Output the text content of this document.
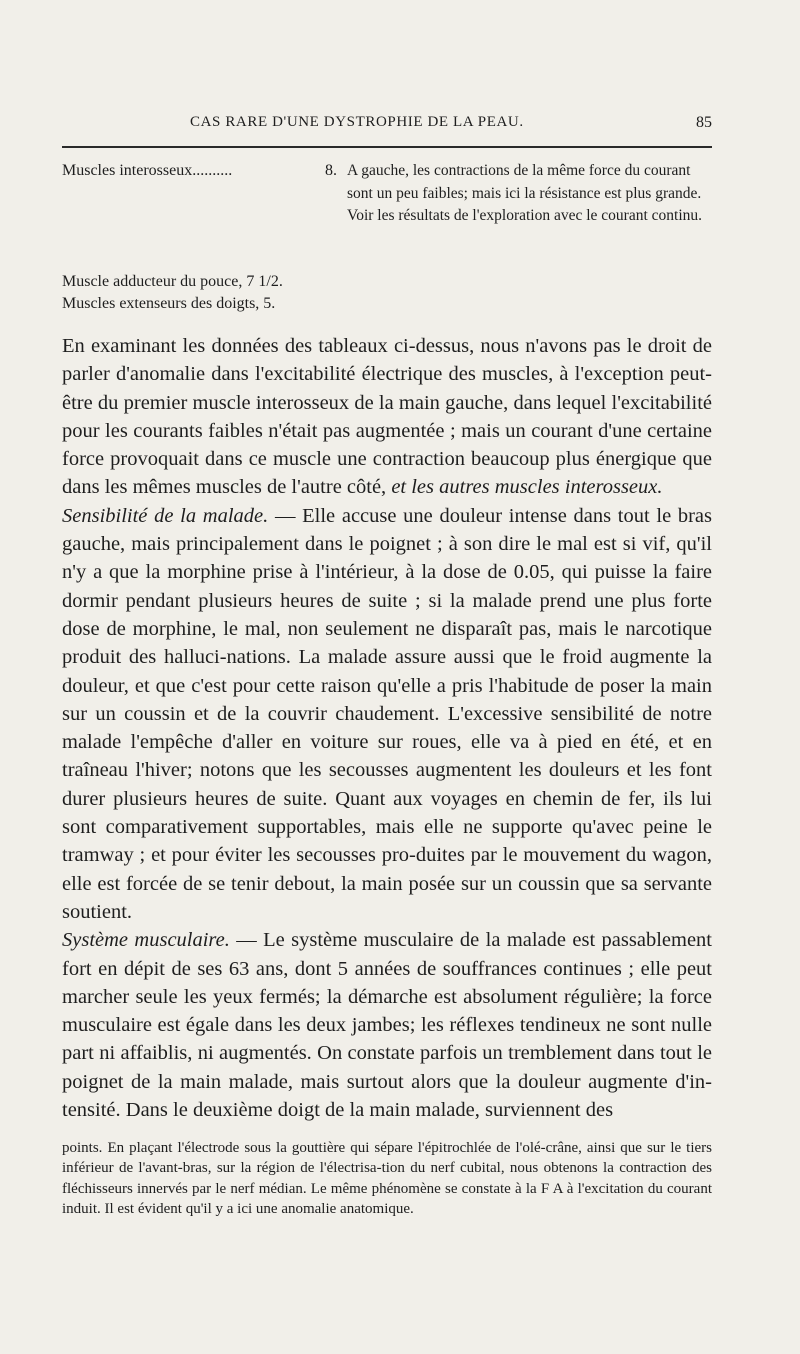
CAS RARE D'UNE DYSTROPHIE DE LA PEAU.	85
Muscles interosseux..........	8. A gauche, les contractions de la même force du courant sont un peu faibles; mais ici la résistance est plus grande. Voir les résultats de l'exploration avec le courant continu.
Muscle adducteur du pouce, 7 1/2.
Muscles extenseurs des doigts, 5.

En examinant les données des tableaux ci-dessus, nous n'avons pas le droit de parler d'anomalie dans l'excitabilité électrique des muscles, à l'exception peut-être du premier muscle interosseux de la main gauche, dans lequel l'excitabilité pour les courants faibles n'était pas augmentée ; mais un courant d'une certaine force provoquait dans ce muscle une contraction beaucoup plus énergique que dans les mêmes muscles de l'autre côté, et les autres muscles interosseux.

Sensibilité de la malade. — Elle accuse une douleur intense dans tout le bras gauche, mais principalement dans le poignet ; à son dire le mal est si vif, qu'il n'y a que la morphine prise à l'intérieur, à la dose de 0.05, qui puisse la faire dormir pendant plusieurs heures de suite ; si la malade prend une plus forte dose de morphine, le mal, non seulement ne disparaît pas, mais le narcotique produit des halluci-nations. La malade assure aussi que le froid augmente la douleur, et que c'est pour cette raison qu'elle a pris l'habitude de poser la main sur un coussin et de la couvrir chaudement. L'excessive sensibilité de notre malade l'empêche d'aller en voiture sur roues, elle va à pied en été, et en traîneau l'hiver; notons que les secousses augmentent les douleurs et les font durer plusieurs heures de suite. Quant aux voyages en chemin de fer, ils lui sont comparativement supportables, mais elle ne supporte qu'avec peine le tramway ; et pour éviter les secousses pro-duites par le mouvement du wagon, elle est forcée de se tenir debout, la main posée sur un coussin que sa servante soutient.

Système musculaire. — Le système musculaire de la malade est passablement fort en dépit de ses 63 ans, dont 5 années de souffrances continues ; elle peut marcher seule les yeux fermés; la démarche est absolument régulière; la force musculaire est égale dans les deux jambes; les réflexes tendineux ne sont nulle part ni affaiblis, ni augmentés. On constate parfois un tremblement dans tout le poignet de la main malade, mais surtout alors que la douleur augmente d'in-tensité. Dans le deuxième doigt de la main malade, surviennent des

points. En plaçant l'électrode sous la gouttière qui sépare l'épitrochlée de l'olé-crâne, ainsi que sur le tiers inférieur de l'avant-bras, sur la région de l'électrisa-tion du nerf cubital, nous obtenons la contraction des fléchisseurs innervés par le nerf médian. Le même phénomène se constate à la F A à l'excitation du courant induit. Il est évident qu'il y a ici une anomalie anatomique.
